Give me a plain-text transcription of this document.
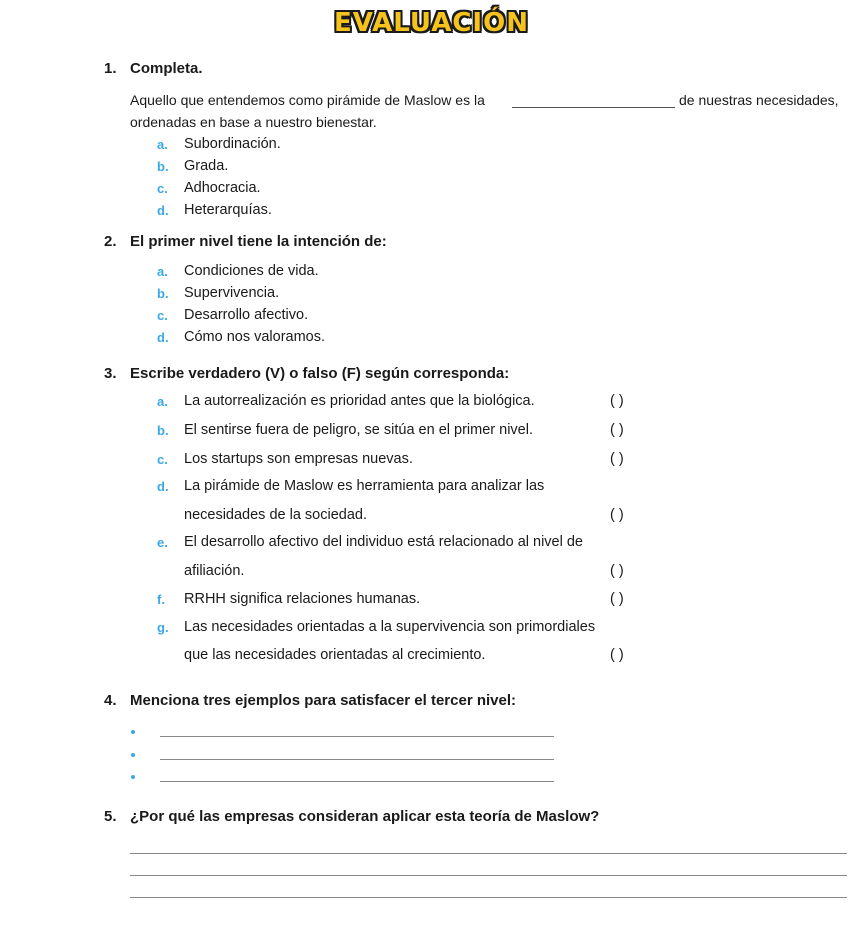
EVALUACIÓN
1. Completa.
Aquello que entendemos como pirámide de Maslow es la	de nuestras necesidades,
ordenadas en base a nuestro bienestar.
a. Subordinación.
b. Grada.
c. Adhocracia.
d. Heterarquías.
2. El primer nivel tiene la intención de:
a. Condiciones de vida.
b. Supervivencia.
c. Desarrollo afectivo.
d. Cómo nos valoramos.
3. Escribe verdadero (V) o falso (F) según corresponda:
a. La autorrealización es prioridad antes que la biológica.	( )
b. El sentirse fuera de peligro, se sitúa en el primer nivel.	( )
c. Los startups son empresas nuevas.	( )
d. La pirámide de Maslow es herramienta para analizar las
necesidades de la sociedad.	( )
e. El desarrollo afectivo del individuo está relacionado al nivel de
afiliación.	( )
f. RRHH significa relaciones humanas.	( )
g. Las necesidades orientadas a la supervivencia son primordiales
que las necesidades orientadas al crecimiento.	( )
4. Menciona tres ejemplos para satisfacer el tercer nivel:
5. ¿Por qué las empresas consideran aplicar esta teoría de Maslow?
